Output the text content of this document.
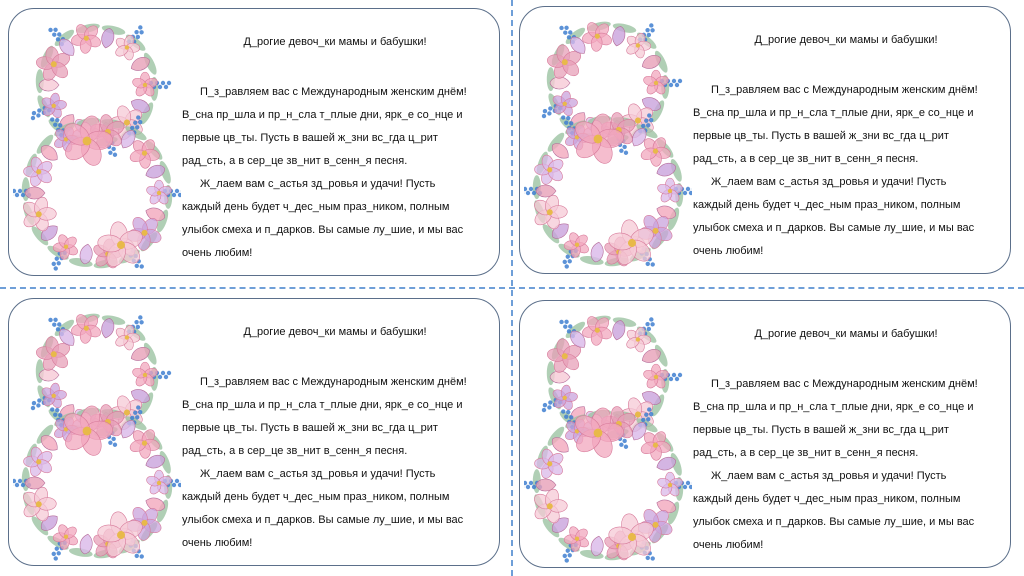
Д_рогие девоч_ки мамы и бабушки!

П_з_равляем вас с Международным женским днём!

В_сна пр_шла и пр_н_сла т_плые дни, ярк_е со_нце и

первые цв_ты. Пусть в вашей ж_зни вс_гда ц_рит

рад_сть, а в сер_це зв_нит в_сенн_я песня.

Ж_лаем вам с_астья зд_ровья и удачи! Пусть

каждый день будет ч_дес_ным праз_ником, полным

улыбок смеха и п_дарков. Вы самые лу_шие, и мы вас

очень любим!

Д_рогие девоч_ки мамы и бабушки!

П_з_равляем вас с Международным женским днём!

В_сна пр_шла и пр_н_сла т_плые дни, ярк_е со_нце и

первые цв_ты. Пусть в вашей ж_зни вс_гда ц_рит

рад_сть, а в сер_це зв_нит в_сенн_я песня.

Ж_лаем вам с_астья зд_ровья и удачи! Пусть

каждый день будет ч_дес_ным праз_ником, полным

улыбок смеха и п_дарков. Вы самые лу_шие, и мы вас

очень любим!

Д_рогие девоч_ки мамы и бабушки!

П_з_равляем вас с Международным женским днём!

В_сна пр_шла и пр_н_сла т_плые дни, ярк_е со_нце и

первые цв_ты. Пусть в вашей ж_зни вс_гда ц_рит

рад_сть, а в сер_це зв_нит в_сенн_я песня.

Ж_лаем вам с_астья зд_ровья и удачи! Пусть

каждый день будет ч_дес_ным праз_ником, полным

улыбок смеха и п_дарков. Вы самые лу_шие, и мы вас

очень любим!

Д_рогие девоч_ки мамы и бабушки!

П_з_равляем вас с Международным женским днём!

В_сна пр_шла и пр_н_сла т_плые дни, ярк_е со_нце и

первые цв_ты. Пусть в вашей ж_зни вс_гда ц_рит

рад_сть, а в сер_це зв_нит в_сенн_я песня.

Ж_лаем вам с_астья зд_ровья и удачи! Пусть

каждый день будет ч_дес_ным праз_ником, полным

улыбок смеха и п_дарков. Вы самые лу_шие, и мы вас

очень любим!
